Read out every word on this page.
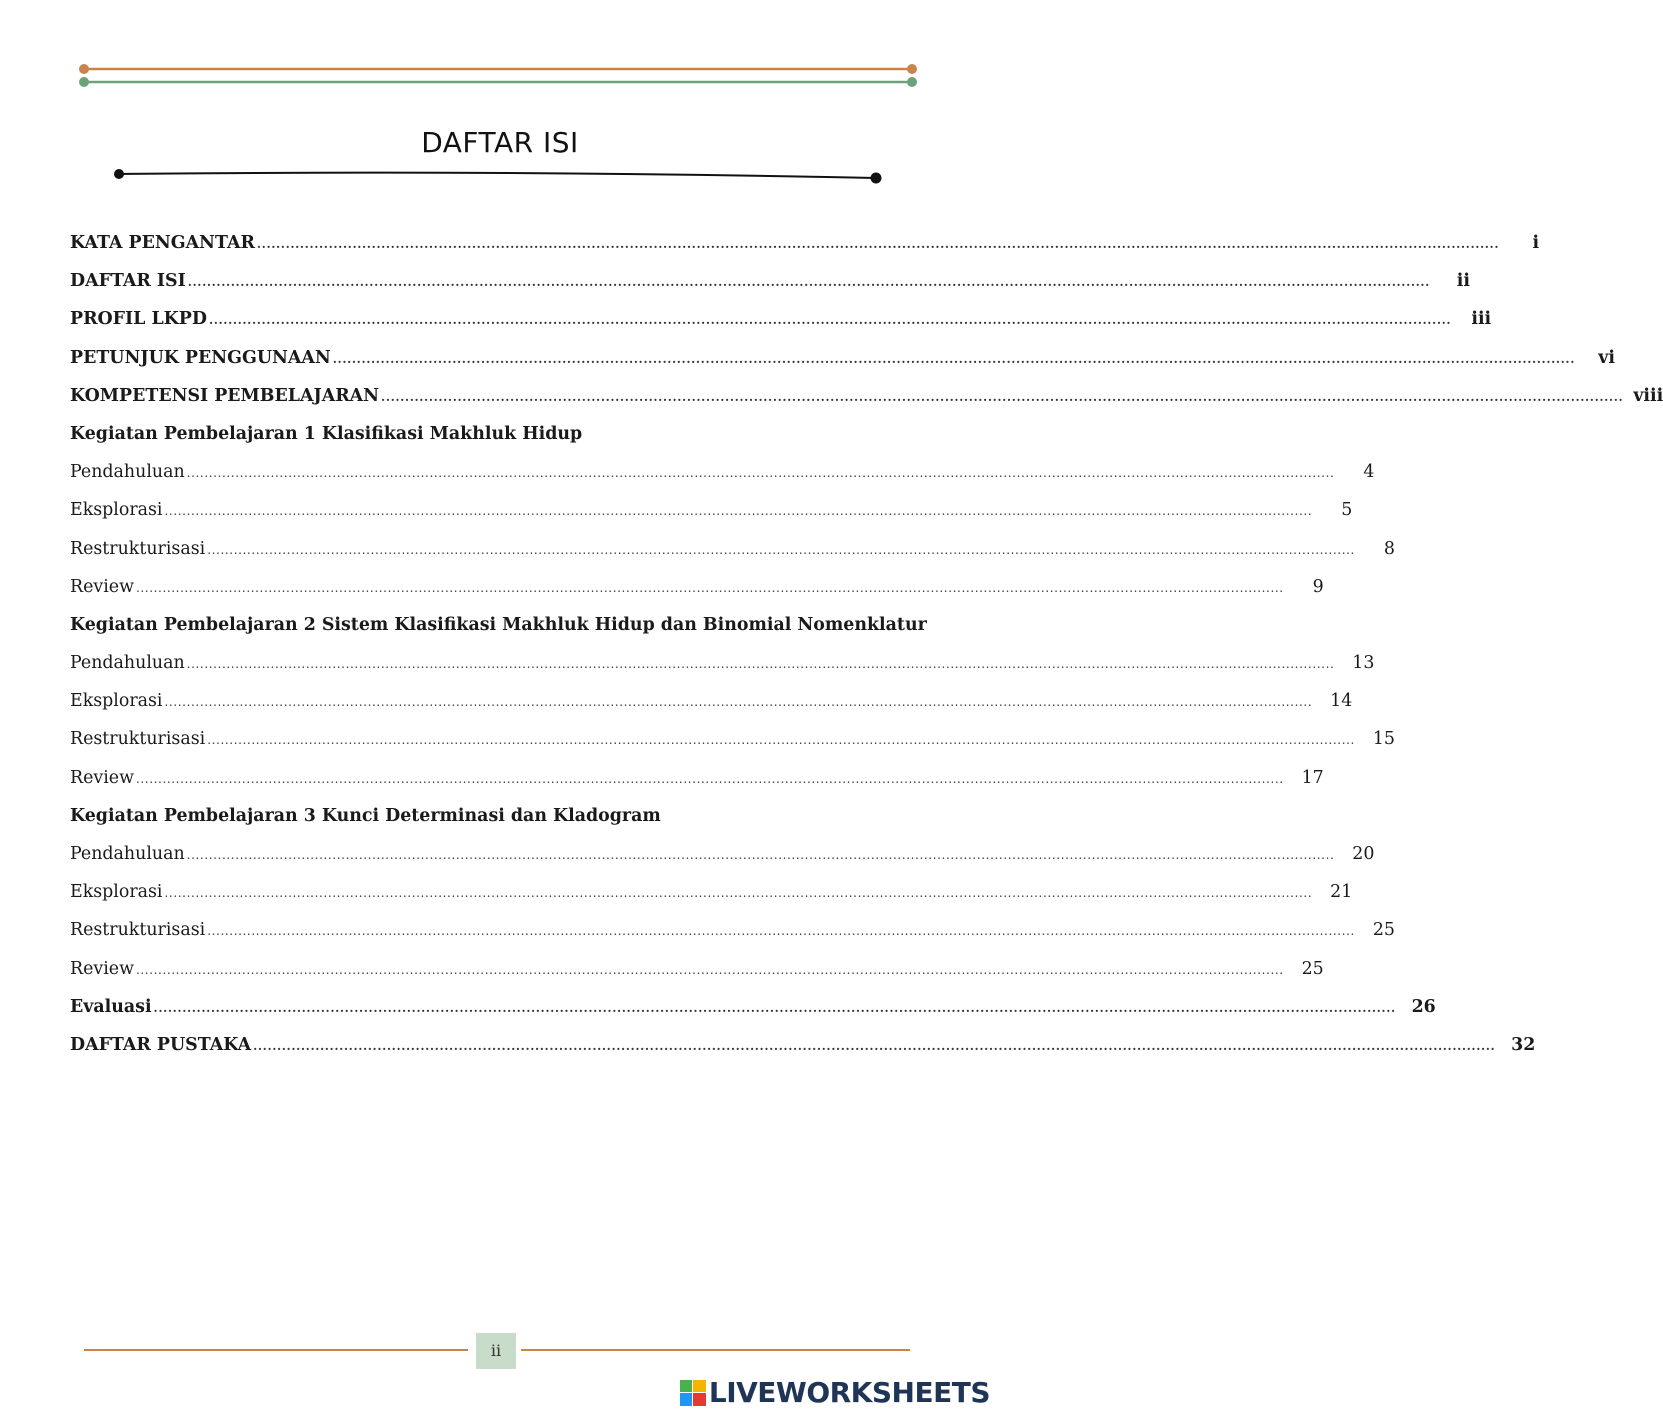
DAFTAR ISI
KATA PENGANTAR ....................................................................................................................................................................................................................................................................	i
DAFTAR ISI ....................................................................................................................................................................................................................................................................	ii
PROFIL LKPD ....................................................................................................................................................................................................................................................................	iii
PETUNJUK PENGGUNAAN ....................................................................................................................................................................................................................................................................	vi
KOMPETENSI PEMBELAJARAN .................................................................................................................................................................................................................................................................... viii
Kegiatan Pembelajaran 1 Klasifikasi Makhluk Hidup
Pendahuluan ....................................................................................................................................................................................................................................................................	4
Eksplorasi ....................................................................................................................................................................................................................................................................	5
Restrukturisasi ....................................................................................................................................................................................................................................................................	8
Review ....................................................................................................................................................................................................................................................................	9
Kegiatan Pembelajaran 2 Sistem Klasifikasi Makhluk Hidup dan Binomial Nomenklatur
Pendahuluan ....................................................................................................................................................................................................................................................................	13
Eksplorasi ....................................................................................................................................................................................................................................................................	14
Restrukturisasi ....................................................................................................................................................................................................................................................................	15
Review ....................................................................................................................................................................................................................................................................	17
Kegiatan Pembelajaran 3 Kunci Determinasi dan Kladogram
Pendahuluan ....................................................................................................................................................................................................................................................................	20
Eksplorasi ....................................................................................................................................................................................................................................................................	21
Restrukturisasi ....................................................................................................................................................................................................................................................................	25
Review ....................................................................................................................................................................................................................................................................	25
Evaluasi .................................................................................................................................................................................................................................................................... 26
DAFTAR PUSTAKA .................................................................................................................................................................................................................................................................... 32
ii
LIVEWORKSHEETS
